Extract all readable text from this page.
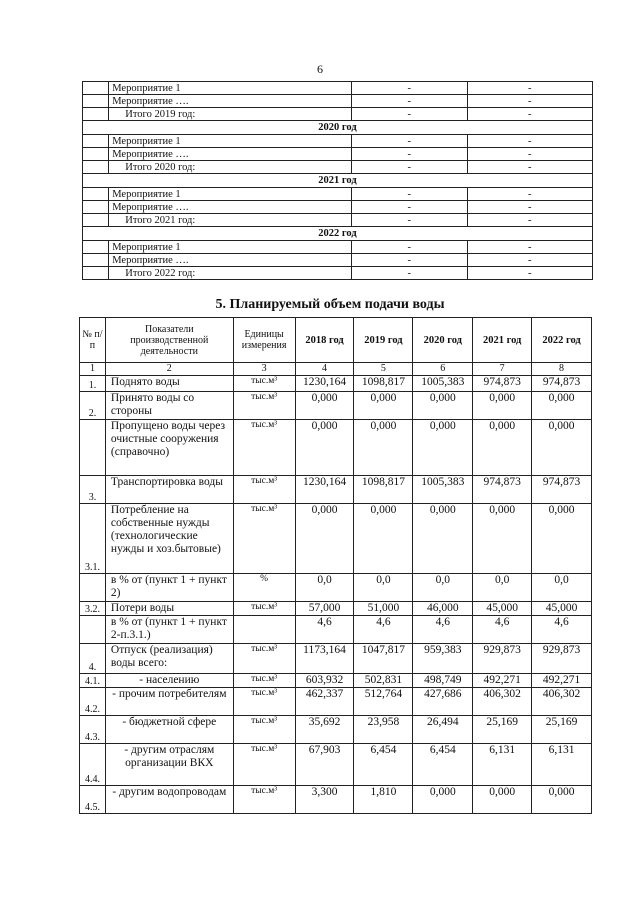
6
	Мероприятие 1	-	-
	Мероприятие ….	-	-
	Итого 2019 год:	-	-
2020 год			
	Мероприятие 1	-	-
	Мероприятие ….	-	-
	Итого 2020 год:	-	-
2021 год			
	Мероприятие 1	-	-
	Мероприятие ….	-	-
	Итого 2021 год:	-	-
2022 год			
	Мероприятие 1	-	-
	Мероприятие ….	-	-
	Итого 2022 год:	-	-
5. Планируемый объем подачи воды
№ п/п	Показатели производственной деятельности	Единицы измерения	2018 год	2019 год	2020 год	2021 год	2022 год
1	2	3	4	5	6	7	8
1.	Поднято воды	тыс.м³	1230,164	1098,817	1005,383	974,873	974,873
2.	Принято воды со стороны	тыс.м³	0,000	0,000	0,000	0,000	0,000
	Пропущено воды через очистные сооружения (справочно)	тыс.м³	0,000	0,000	0,000	0,000	0,000
3.	Транспортировка воды	тыс.м³	1230,164	1098,817	1005,383	974,873	974,873
3.1.	Потребление на собственные нужды (технологические нужды и хоз.бытовые)	тыс.м³	0,000	0,000	0,000	0,000	0,000
	в % от (пункт 1 + пункт 2)	%	0,0	0,0	0,0	0,0	0,0
3.2.	Потери воды	тыс.м³	57,000	51,000	46,000	45,000	45,000
	в % от (пункт 1 + пункт 2-п.3.1.)		4,6	4,6	4,6	4,6	4,6
4.	Отпуск (реализация) воды всего:	тыс.м³	1173,164	1047,817	959,383	929,873	929,873
4.1.	- населению	тыс.м³	603,932	502,831	498,749	492,271	492,271
4.2.	- прочим потребителям	тыс.м³	462,337	512,764	427,686	406,302	406,302
4.3.	- бюджетной сфере	тыс.м³	35,692	23,958	26,494	25,169	25,169
4.4.	- другим отраслям организации ВКХ	тыс.м³	67,903	6,454	6,454	6,131	6,131
4.5.	- другим водопроводам	тыс.м³	3,300	1,810	0,000	0,000	0,000
